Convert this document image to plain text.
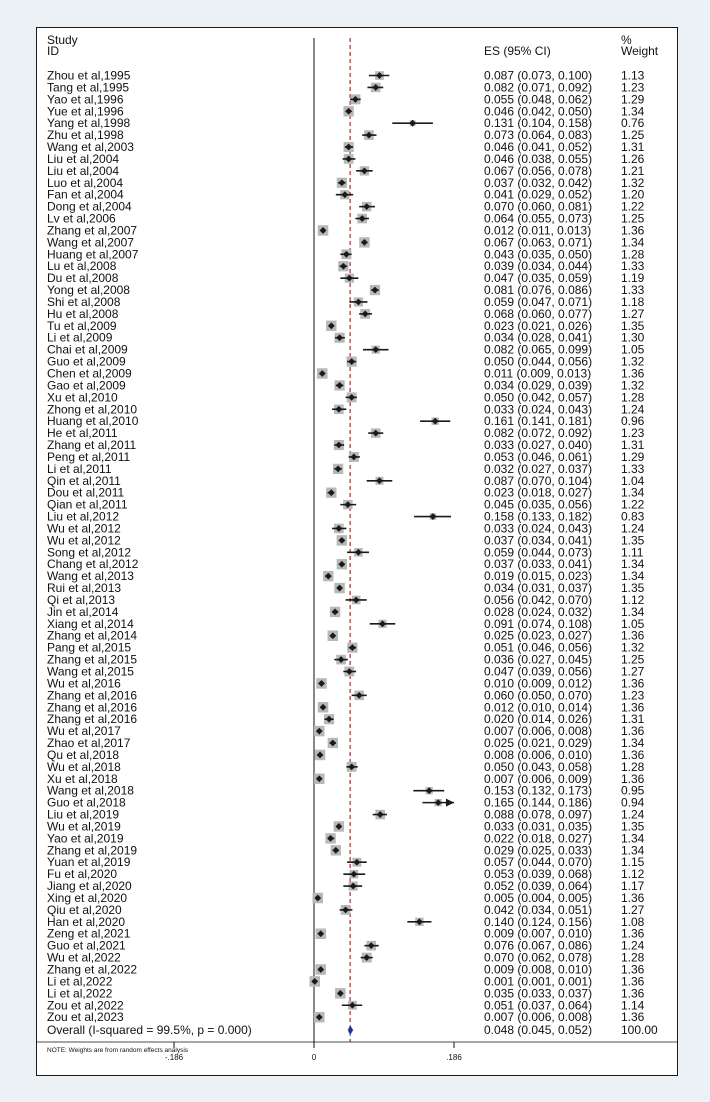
Study
ID	ES (95% CI)
%
Weight
Zhou et al,1995	0.087 (0.073, 0.100) 1.13
Tang et al,1995	0.082 (0.071, 0.092) 1.23
Yao et al,1996	0.055 (0.048, 0.062) 1.29
Yue et al,1996	0.046 (0.042, 0.050) 1.34
Yang et al,1998	0.131 (0.104, 0.158) 0.76
Zhu et al,1998	0.073 (0.064, 0.083) 1.25
Wang et al,2003	0.046 (0.041, 0.052) 1.31
Liu et al,2004	0.046 (0.038, 0.055) 1.26
Liu et al,2004	0.067 (0.056, 0.078) 1.21
Luo et al,2004	0.037 (0.032, 0.042) 1.32
Fan et al,2004	0.041 (0.029, 0.052) 1.20
Dong et al,2004	0.070 (0.060, 0.081) 1.22
Lv et al,2006	0.064 (0.055, 0.073) 1.25
Zhang et al,2007	0.012 (0.011, 0.013) 1.36
Wang et al,2007	0.067 (0.063, 0.071) 1.34
Huang et al,2007	0.043 (0.035, 0.050) 1.28
Lu et al,2008	0.039 (0.034, 0.044) 1.33
Du et al,2008	0.047 (0.035, 0.059) 1.19
Yong et al,2008	0.081 (0.076, 0.086) 1.33
Shi et al,2008	0.059 (0.047, 0.071) 1.18
Hu et al,2008	0.068 (0.060, 0.077) 1.27
Tu et al,2009	0.023 (0.021, 0.026) 1.35
Li et al,2009	0.034 (0.028, 0.041) 1.30
Chai et al,2009	0.082 (0.065, 0.099) 1.05
Guo et al,2009	0.050 (0.044, 0.056) 1.32
Chen et al,2009	0.011 (0.009, 0.013) 1.36
Gao et al,2009	0.034 (0.029, 0.039) 1.32
Xu et al,2010	0.050 (0.042, 0.057) 1.28
Zhong et al,2010	0.033 (0.024, 0.043) 1.24
Huang et al,2010	0.161 (0.141, 0.181) 0.96
He et al,2011	0.082 (0.072, 0.092) 1.23
Zhang et al,2011	0.033 (0.027, 0.040) 1.31
Peng et al,2011	0.053 (0.046, 0.061) 1.29
Li et al,2011	0.032 (0.027, 0.037) 1.33
Qin et al,2011	0.087 (0.070, 0.104) 1.04
Dou et al,2011	0.023 (0.018, 0.027) 1.34
Qian et al,2011	0.045 (0.035, 0.056) 1.22
Liu et al,2012	0.158 (0.133, 0.182) 0.83
Wu et al,2012	0.033 (0.024, 0.043) 1.24
Wu et al,2012	0.037 (0.034, 0.041) 1.35
Song et al,2012	0.059 (0.044, 0.073) 1.11
Chang et al,2012	0.037 (0.033, 0.041) 1.34
Wang et al,2013	0.019 (0.015, 0.023) 1.34
Rui et al,2013	0.034 (0.031, 0.037) 1.35
Qi et al,2013	0.056 (0.042, 0.070) 1.12
Jin et al,2014	0.028 (0.024, 0.032) 1.34
Xiang et al,2014	0.091 (0.074, 0.108) 1.05
Zhang et al,2014	0.025 (0.023, 0.027) 1.36
Pang et al,2015	0.051 (0.046, 0.056) 1.32
Zhang et al,2015	0.036 (0.027, 0.045) 1.25
Wang et al,2015	0.047 (0.039, 0.056) 1.27
Wu et al,2016	0.010 (0.009, 0.012) 1.36
Zhang et al,2016	0.060 (0.050, 0.070) 1.23
Zhang et al,2016	0.012 (0.010, 0.014) 1.36
Zhang et al,2016	0.020 (0.014, 0.026) 1.31
Wu et al,2017	0.007 (0.006, 0.008) 1.36
Zhao et al,2017	0.025 (0.021, 0.029) 1.34
Qu et al,2018	0.008 (0.006, 0.010) 1.36
Wu et al,2018	0.050 (0.043, 0.058) 1.28
Xu et al,2018	0.007 (0.006, 0.009) 1.36
Wang et al,2018	0.153 (0.132, 0.173) 0.95
Guo et al,2018	0.165 (0.144, 0.186) 0.94
Liu et al,2019	0.088 (0.078, 0.097) 1.24
Wu et al,2019	0.033 (0.031, 0.035) 1.35
Yao et al,2019	0.022 (0.018, 0.027) 1.34
Zhang et al,2019	0.029 (0.025, 0.033) 1.34
Yuan et al,2019	0.057 (0.044, 0.070) 1.15
Fu et al,2020	0.053 (0.039, 0.068) 1.12
Jiang et al,2020	0.052 (0.039, 0.064) 1.17
Xing et al,2020	0.005 (0.004, 0.005) 1.36
Qiu et al,2020	0.042 (0.034, 0.051) 1.27
Han et al,2020	0.140 (0.124, 0.156) 1.08
Zeng et al,2021	0.009 (0.007, 0.010) 1.36
Guo et al,2021	0.076 (0.067, 0.086) 1.24
Wu et al,2022	0.070 (0.062, 0.078) 1.28
Zhang et al,2022	0.009 (0.008, 0.010) 1.36
Li et al,2022	0.001 (0.001, 0.001) 1.36
Li et al,2022	0.035 (0.033, 0.037) 1.36
Zou et al,2022	0.051 (0.037, 0.064) 1.14
Zou et al,2023	0.007 (0.006, 0.008) 1.36
Overall (I-squared = 99.5%, p = 0.000)	0.048 (0.045, 0.052) 100.00
NOTE: Weights are from random effects analysis
-.186	0	.186
